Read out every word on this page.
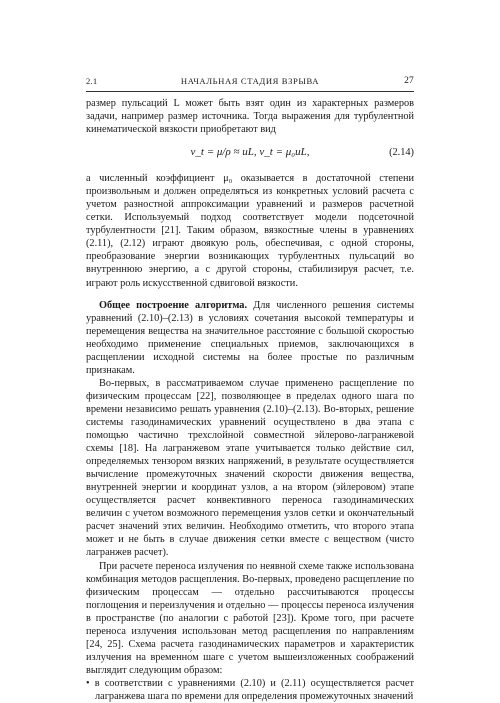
2.1	НАЧАЛЬНАЯ СТАДИЯ ВЗРЫВА	27

размер пульсаций L может быть взят один из характерных размеров задачи, например размер источника. Тогда выражения для турбулентной кинематической вязкости приобретают вид

ν_t = μ/ρ ≈ uL, ν_t = μ₀uL,	(2.14)

а численный коэффициент μ₀ оказывается в достаточной степени произвольным и должен определяться из конкретных условий расчета с учетом разностной аппроксимации уравнений и размеров расчетной сетки. Используемый подход соответствует модели подсеточной турбулентности [21]. Таким образом, вязкостные члены в уравнениях (2.11), (2.12) играют двоякую роль, обеспечивая, с одной стороны, преобразование энергии возникающих турбулентных пульсаций во внутреннюю энергию, а с другой стороны, стабилизируя расчет, т.е. играют роль искусственной сдвиговой вязкости.

Общее построение алгоритма. Для численного решения системы уравнений (2.10)–(2.13) в условиях сочетания высокой температуры и перемещения вещества на значительное расстояние с большой скоростью необходимо применение специальных приемов, заключающихся в расщеплении исходной системы на более простые по различным признакам.

Во-первых, в рассматриваемом случае применено расщепление по физическим процессам [22], позволяющее в пределах одного шага по времени независимо решать уравнения (2.10)–(2.13). Во-вторых, решение системы газодинамических уравнений осуществлено в два этапа с помощью частично трехслойной совместной эйлерово-лагранжевой схемы [18]. На лагранжевом этапе учитывается только действие сил, определяемых тензором вязких напряжений, в результате осуществляется вычисление промежуточных значений скорости движения вещества, внутренней энергии и координат узлов, а на втором (эйлеровом) этапе осуществляется расчет конвективного переноса газодинамических величин с учетом возможного перемещения узлов сетки и окончательный расчет значений этих величин. Необходимо отметить, что второго этапа может и не быть в случае движения сетки вместе с веществом (чисто лагранжев расчет).

При расчете переноса излучения по неявной схеме также использована комбинация методов расщепления. Во-первых, проведено расщепление по физическим процессам — отдельно рассчитываются процессы поглощения и переизлучения и отдельно — процессы переноса излучения в пространстве (по аналогии с работой [23]). Кроме того, при расчете переноса излучения использован метод расщепления по направлениям [24, 25]. Схема расчета газодинамических параметров и характеристик излучения на временно́м шаге с учетом вышеизложенных соображений выглядит следующим образом:

• в соответствии с уравнениями (2.10) и (2.11) осуществляется расчет лагранжева шага по времени для определения промежуточных значений
